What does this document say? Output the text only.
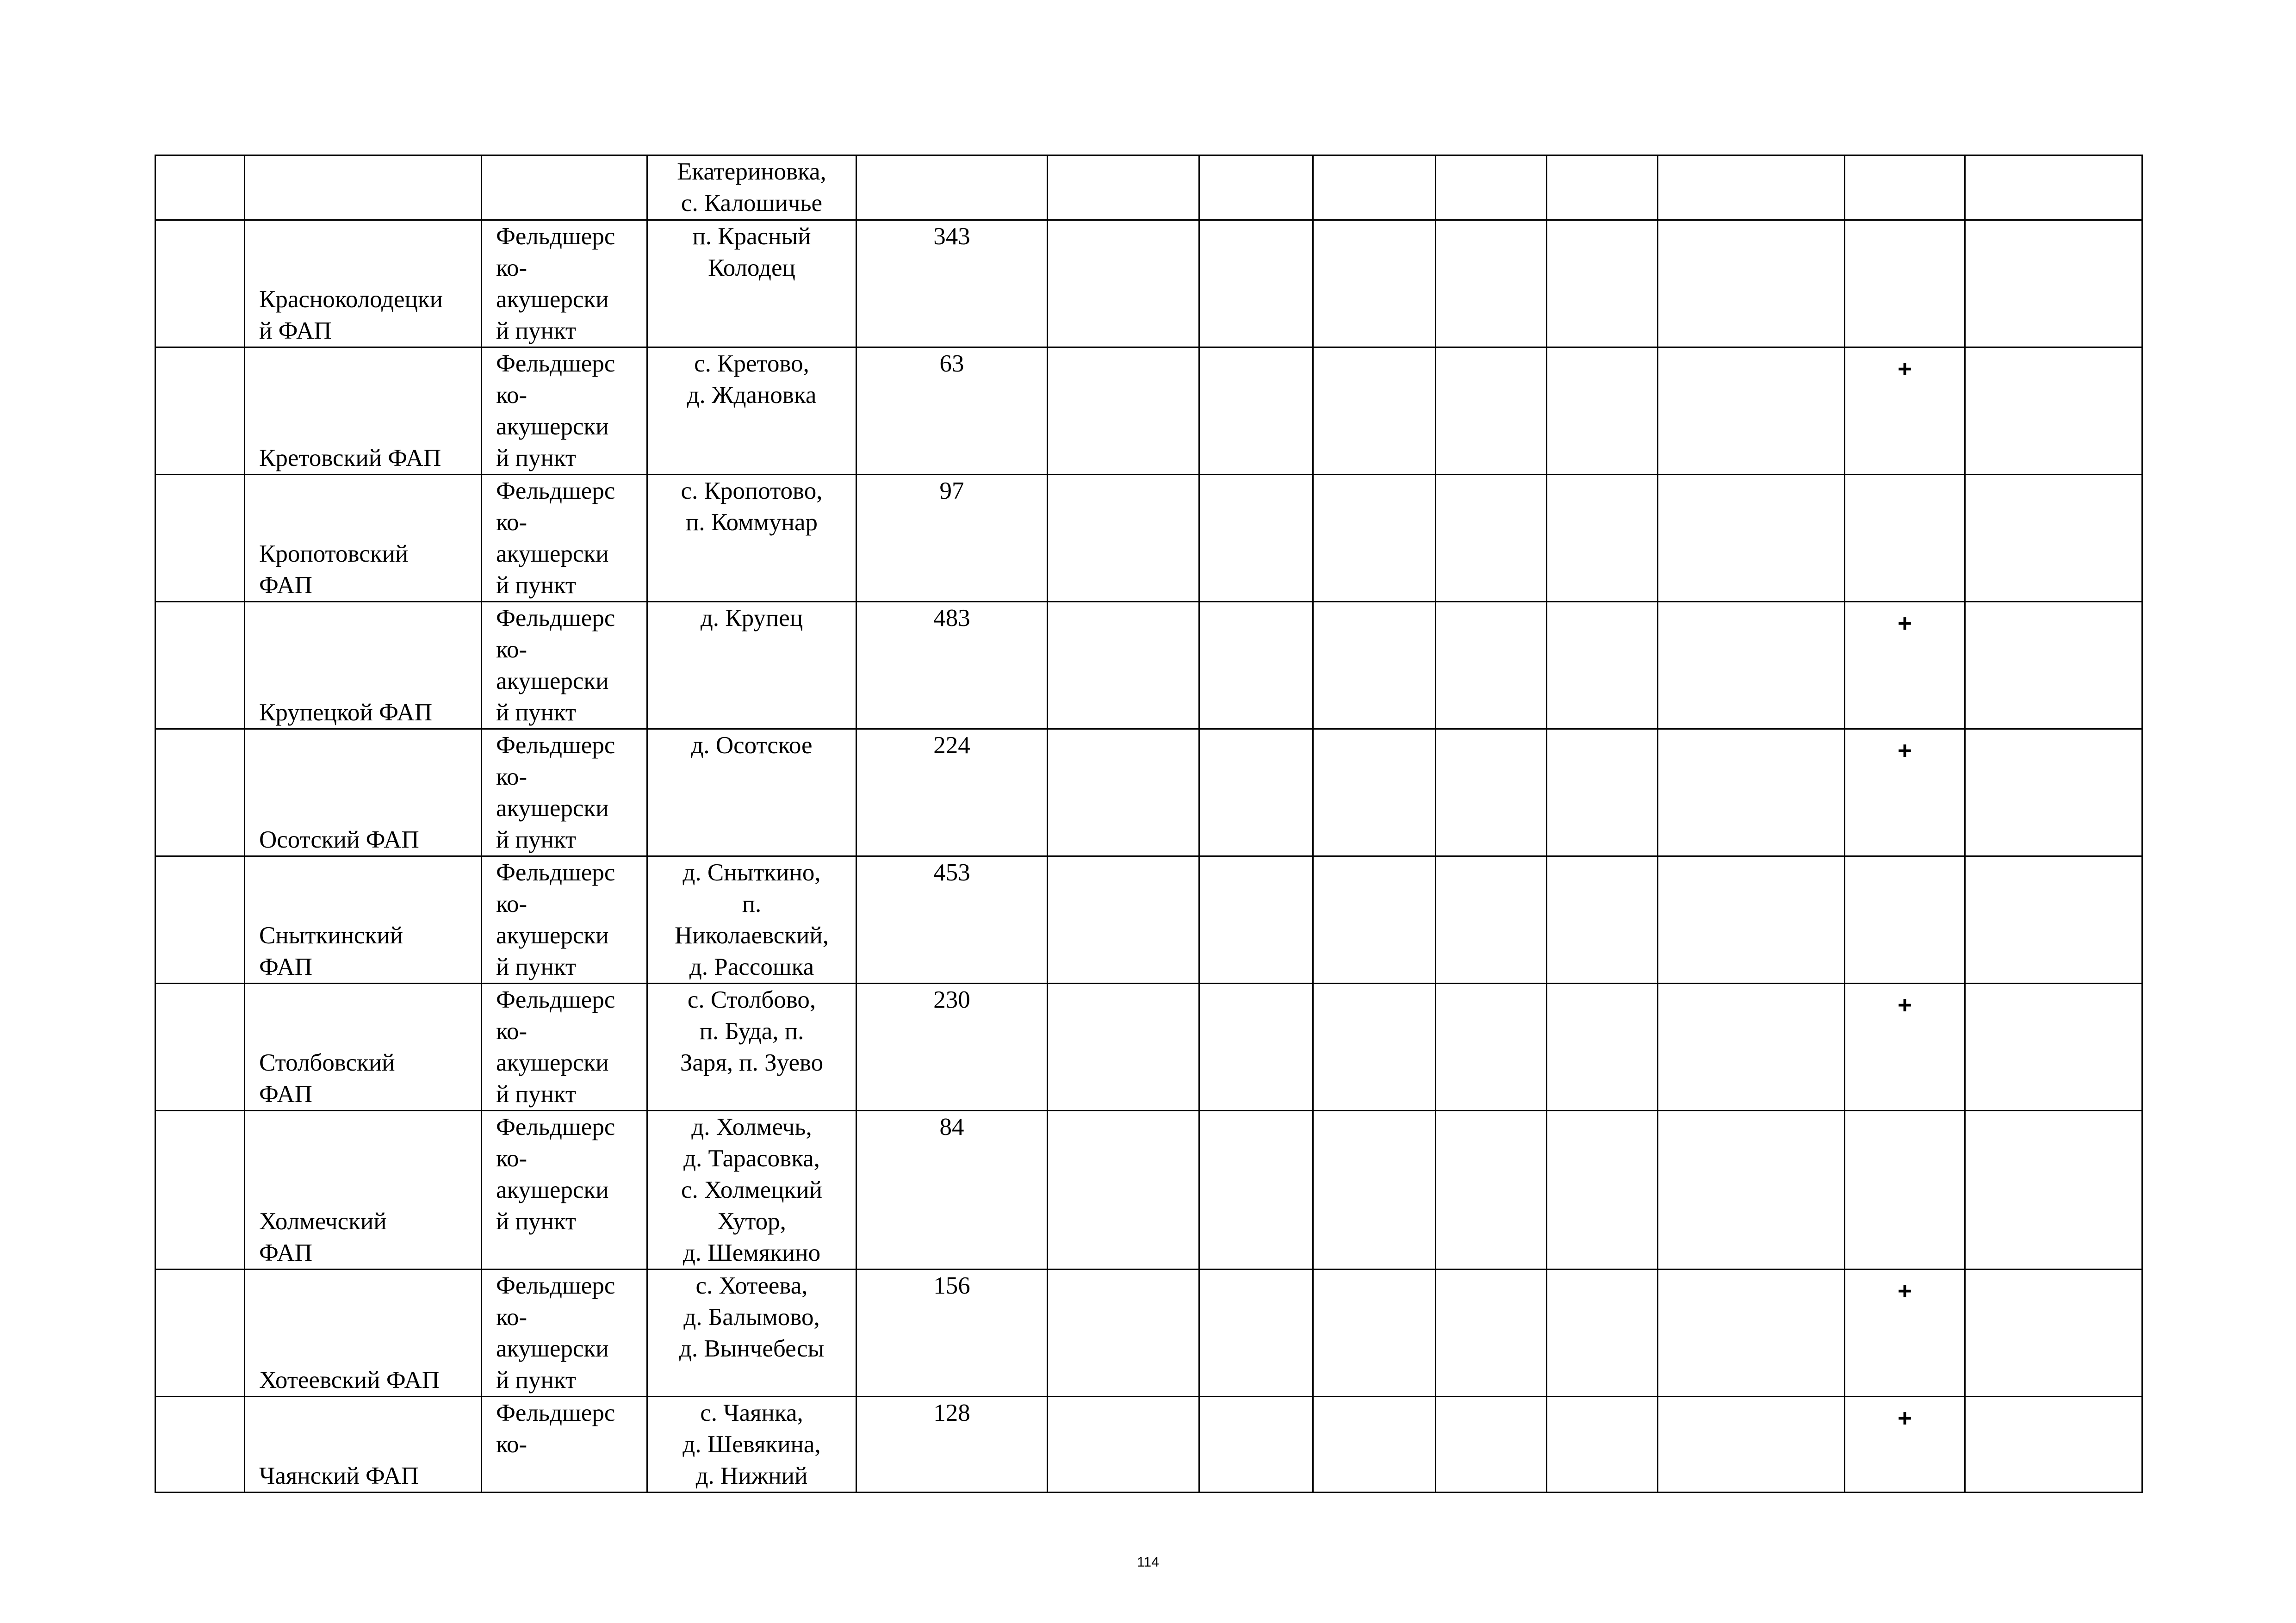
			Екатериновка,
с. Калошичье									
	Красноколодецки
й ФАП	Фельдшерс
ко-
акушерски
й пункт	п. Красный
Колодец	343								
	Кретовский ФАП	Фельдшерс
ко-
акушерски
й пункт	с. Кретово,
д. Ждановка	63							+	
	Кропотовский
ФАП	Фельдшерс
ко-
акушерски
й пункт	с. Кропотово,
п. Коммунар	97								
	Крупецкой ФАП	Фельдшерс
ко-
акушерски
й пункт	д. Крупец	483							+	
	Осотский ФАП	Фельдшерс
ко-
акушерски
й пункт	д. Осотское	224							+	
	Сныткинский
ФАП	Фельдшерс
ко-
акушерски
й пункт	д. Сныткино,
п.
Николаевский,
д. Рассошка	453								
	Столбовский
ФАП	Фельдшерс
ко-
акушерски
й пункт	с. Столбово,
п. Буда, п.
Заря, п. Зуево	230							+	
	Холмечский
ФАП	Фельдшерс
ко-
акушерски
й пункт	д. Холмечь,
д. Тарасовка,
с. Холмецкий
Хутор,
д. Шемякино	84								
	Хотеевский ФАП	Фельдшерс
ко-
акушерски
й пункт	с. Хотеева,
д. Балымово,
д. Вынчебесы	156							+	
	Чаянский ФАП	Фельдшерс
ко-	с. Чаянка,
д. Шевякина,
д. Нижний	128							+	
114
